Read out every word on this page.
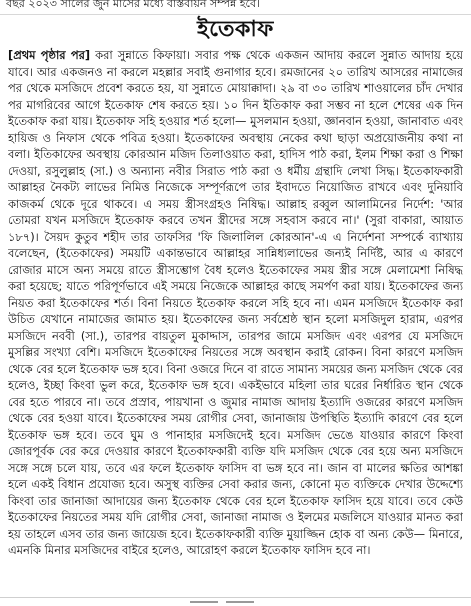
বছর ২০২৩ সালের জুন মাসের মধ্যে বাস্তবায়ন সম্পন্ন হবে।
ইতেকাফ
[প্রথম পৃষ্ঠার পর] করা সুন্নাতে কিফায়া। সবার পক্ষ থেকে একজন আদায় করলে সুন্নাত আদায় হয়ে যাবে। আর একজনও না করলে মহল্লার সবাই গুনাগার হবে। রমজানের ২০ তারিখ আসরের নামাজের পর থেকে মসজিদে প্রবেশ করতে হয়, যা সুন্নাতে মোয়াক্কাদা। ২৯ বা ৩০ তারিখ শাওয়ালের চাঁদ দেখার পর মাগরিবের আগে ইতেকাফ শেষ করতে হয়। ১০ দিন ইতিকাফ করা সম্ভব না হলে শেষের এক দিন ইতেকাফ করা যায়। ইতেকাফ সহি হওয়ার শর্ত হলো— মুসলমান হওয়া, জ্ঞানবান হওয়া, জানাবাত এবং হায়িজ ও নিফাস থেকে পবিত্র হওয়া। ইতেকাফের অবস্থায় নেকের কথা ছাড়া অপ্রয়োজনীয় কথা না বলা। ইতিকাফের অবস্থায় কোরআন মজিদ তিলাওয়াত করা, হাদিস পাঠ করা, ইলম শিক্ষা করা ও শিক্ষা দেওয়া, রসুলুল্লাহ (সা.) ও অন্যান্য নবীর সিরাত পাঠ করা ও ধর্মীয় গ্রন্থাদি লেখা সিদ্ধ। ইতেকাফকারী আল্লাহর নৈকট্য লাভের নিমিত্ত নিজেকে সম্পূর্ণরূপে তার ইবাদতে নিয়োজিত রাখবে এবং দুনিয়াবি কাজকর্ম থেকে দূরে থাকবে। এ সময় স্ত্রীসংগ্রহও নিষিদ্ধ। আল্লাহ রব্বুল আলামিনের নির্দেশ: 'আর তোমরা যখন মসজিদে ইতেকাফ করবে তখন স্ত্রীদের সঙ্গে সহবাস করবে না।' (সুরা বাকারা, আয়াত ১৮৭)। সৈয়দ কুতুব শহীদ তার তাফসির 'ফি জিলালিল কোরআন'-এ এ নির্দেশনা সম্পর্কে ব্যাখ্যায় বলেছেন, (ইতেকাফের) সময়টি একান্তভাবে আল্লাহর সান্নিধ্যলাভের জন্যই নির্দিষ্ট, আর এ কারণে রোজার মাসে অন্য সময়ে রাতে স্ত্রীসম্ভোগ বৈধ হলেও ইতেকাফের সময় স্ত্রীর সঙ্গে মেলামেশা নিষিদ্ধ করা হয়েছে; যাতে পরিপূর্ণভাবে এই সময়ে নিজেকে আল্লাহর কাছে সমর্পণ করা যায়। ইতেকাফের জন্য নিয়ত করা ইতেকাফের শর্ত। বিনা নিয়তে ইতেকাফ করলে সহি হবে না। এমন মসজিদে ইতেকাফ করা উচিত যেখানে নামাজের জামাত হয়। ইতেকাফের জন্য সর্বশ্রেষ্ঠ স্থান হলো মসজিদুল হারাম, এরপর মসজিদে নববী (সা.), তারপর বায়তুল মুকাদ্দাস, তারপর জামে মসজিদ এবং এরপর যে মসজিদে মুসল্লির সংখ্যা বেশি। মসজিদে ইতেকাফের নিয়তের সঙ্গে অবস্থান করাই রোকন। বিনা কারণে মসজিদ থেকে বের হলে ইতেকাফ ভঙ্গ হবে। বিনা ওজরে দিনে বা রাতে সামান্য সময়ের জন্য মসজিদ থেকে বের হলেও, ইচ্ছা কিংবা ভুল করে, ইতেকাফ ভঙ্গ হবে। একইভাবে মহিলা তার ঘরের নির্ধারিত স্থান থেকে বের হতে পারবে না। তবে প্রস্রাব, পায়খানা ও জুমার নামাজ আদায় ইত্যাদি ওজরের কারণে মসজিদ থেকে বের হওয়া যাবে। ইতেকাফের সময় রোগীর সেবা, জানাজায় উপস্থিতি ইত্যাদি কারণে বের হলে ইতেকাফ ভঙ্গ হবে। তবে ঘুম ও পানাহার মসজিদেই হবে। মসজিদ ভেঙে যাওয়ার কারণে কিংবা জোরপূর্বক বের করে দেওয়ার কারণে ইতেকাফকারী ব্যক্তি যদি মসজিদ থেকে বের হয়ে অন্য মসজিদে সঙ্গে সঙ্গে চলে যায়, তবে এর ফলে ইতেকাফ ফাসিদ বা ভঙ্গ হবে না। জান বা মালের ক্ষতির আশঙ্কা হলে একই বিধান প্রযোজ্য হবে। অসুস্থ ব্যক্তির সেবা করার জন্য, কোনো মৃত ব্যক্তিকে দেখার উদ্দেশ্যে কিংবা তার জানাজা আদায়ের জন্য ইতেকাফ থেকে বের হলে ইতেকাফ ফাসিদ হয়ে যাবে। তবে কেউ ইতেকাফের নিয়তের সময় যদি রোগীর সেবা, জানাজা নামাজ ও ইলমের মজলিসে যাওয়ার মানত করা হয় তাহলে এসব তার জন্য জায়েজ হবে। ইতেকাফকারী ব্যক্তি মুয়াজ্জিন হোক বা অন্য কেউ— মিনারে, এমনকি মিনার মসজিদের বাইরে হলেও, আরোহণ করলে ইতেকাফ ফাসিদ হবে না।
